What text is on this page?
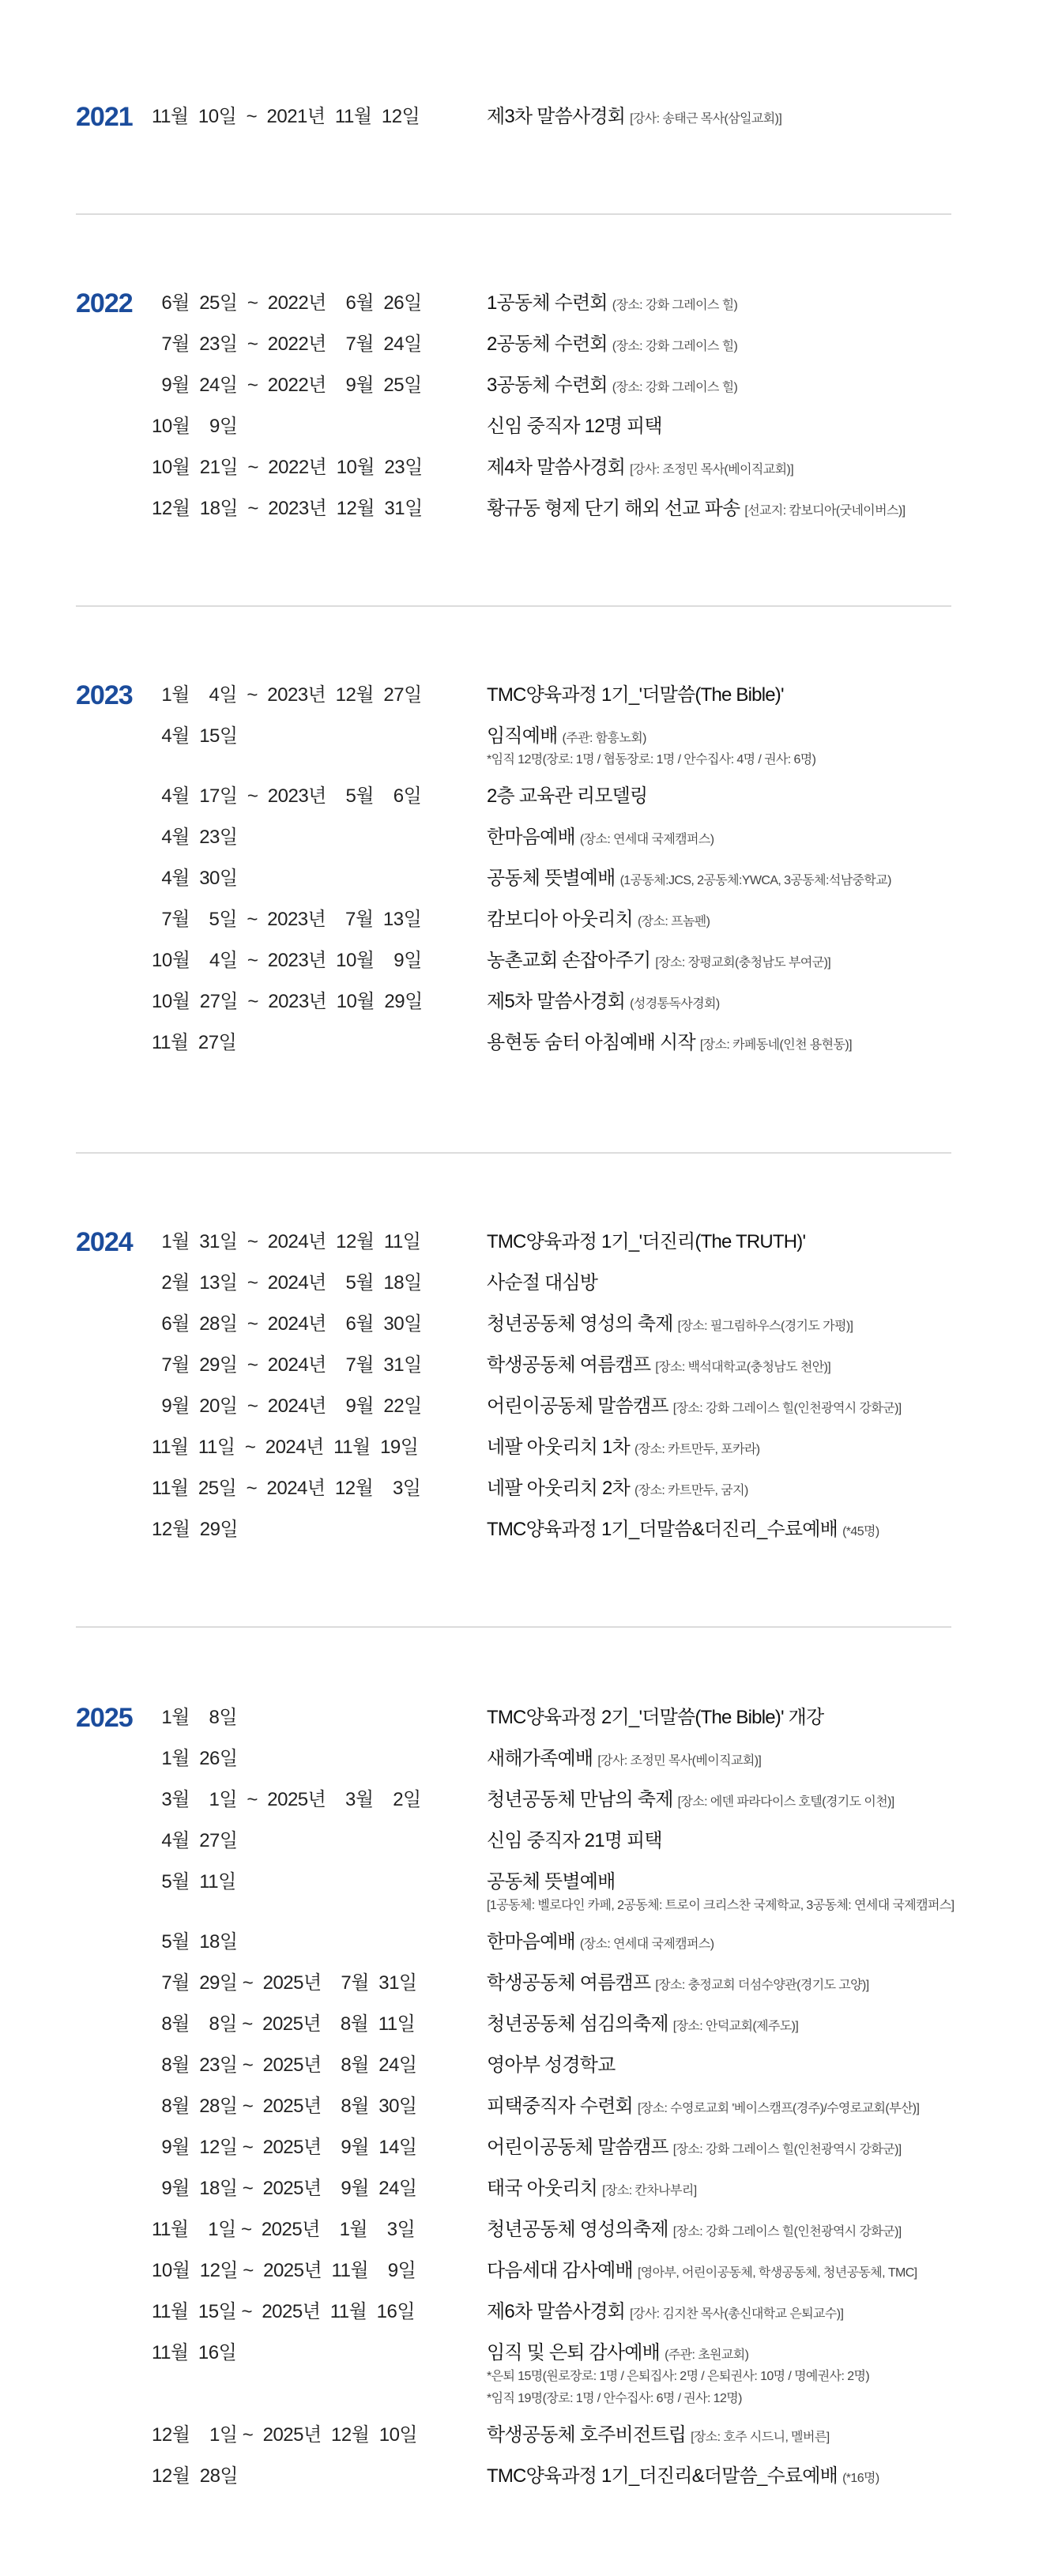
2021 11월  10일  ~  2021년  11월  12일	제3차 말씀사경회 [강사: 송태근 목사(삼일교회)]
2022 6월  25일  ~  2022년    6월  26일	1공동체 수련회 (장소: 강화 그레이스 힐)
7월  23일  ~  2022년    7월  24일	2공동체 수련회 (장소: 강화 그레이스 힐)
9월  24일  ~  2022년    9월  25일	3공동체 수련회 (장소: 강화 그레이스 힐)
10월    9일	신임 중직자 12명 피택
10월  21일  ~  2022년  10월  23일	제4차 말씀사경회 [강사: 조정민 목사(베이직교회)]
12월  18일  ~  2023년  12월  31일	황규동 형제 단기 해외 선교 파송 [선교지: 캄보디아(굿네이버스)]
2023 1월    4일  ~  2023년  12월  27일	TMC양육과정 1기_'더말씀(The Bible)'
4월  15일	임직예배 (주관: 함흥노회)
*임직 12명(장로: 1명 / 협동장로: 1명 / 안수집사: 4명 / 권사: 6명)
4월  17일  ~  2023년    5월    6일	2층 교육관 리모델링
4월  23일	한마음예배 (장소: 연세대 국제캠퍼스)
4월  30일	공동체 뜻별예배 (1공동체:JCS, 2공동체:YWCA, 3공동체:석남중학교)
7월    5일  ~  2023년    7월  13일	캄보디아 아웃리치 (장소: 프놈펜)
10월    4일  ~  2023년  10월    9일	농촌교회 손잡아주기 [장소: 장평교회(충청남도 부여군)]
10월  27일  ~  2023년  10월  29일	제5차 말씀사경회 (성경통독사경회)
11월  27일	용현동 숨터 아침예배 시작 [장소: 카페동네(인천 용현동)]
2024 1월  31일  ~  2024년  12월  11일	TMC양육과정 1기_'더진리(The TRUTH)'
2월  13일  ~  2024년    5월  18일	사순절 대심방
6월  28일  ~  2024년    6월  30일	청년공동체 영성의 축제 [장소: 필그림하우스(경기도 가평)]
7월  29일  ~  2024년    7월  31일	학생공동체 여름캠프 [장소: 백석대학교(충청남도 천안)]
9월  20일  ~  2024년    9월  22일	어린이공동체 말씀캠프 [장소: 강화 그레이스 힐(인천광역시 강화군)]
11월  11일  ~  2024년  11월  19일	네팔 아웃리치 1차 (장소: 카트만두, 포카라)
11월  25일  ~  2024년  12월    3일	네팔 아웃리치 2차 (장소: 카트만두, 굼지)
12월  29일	TMC양육과정 1기_더말씀&더진리_수료예배 (*45명)
2025 1월    8일	TMC양육과정 2기_'더말씀(The Bible)' 개강
1월  26일	새해가족예배 [강사: 조정민 목사(베이직교회)]
3월    1일  ~  2025년    3월    2일	청년공동체 만남의 축제 [장소: 에덴 파라다이스 호텔(경기도 이천)]
4월  27일	신임 중직자 21명 피택
5월  11일	공동체 뜻별예배
[1공동체: 벨로다인 카페, 2공동체: 트로이 크리스찬 국제학교, 3공동체: 연세대 국제캠퍼스]
5월  18일	한마음예배 (장소: 연세대 국제캠퍼스)
7월  29일 ~  2025년    7월  31일	학생공동체 여름캠프 [장소: 충정교회 더섬수양관(경기도 고양)]
8월    8일 ~  2025년    8월  11일	청년공동체 섬김의축제 [장소: 안덕교회(제주도)]
8월  23일 ~  2025년    8월  24일	영아부 성경학교
8월  28일 ~  2025년    8월  30일	피택중직자 수련회 [장소: 수영로교회 '베이스캠프(경주)/수영로교회(부산)]
9월  12일 ~  2025년    9월  14일	어린이공동체 말씀캠프 [장소: 강화 그레이스 힐(인천광역시 강화군)]
9월  18일 ~  2025년    9월  24일	태국 아웃리치 [장소: 칸차나부리]
11월    1일 ~  2025년    1월    3일	청년공동체 영성의축제 [장소: 강화 그레이스 힐(인천광역시 강화군)]
10월  12일 ~  2025년  11월    9일	다음세대 감사예배 [영아부, 어린이공동체, 학생공동체, 청년공동체, TMC]
11월  15일 ~  2025년  11월  16일	제6차 말씀사경회 [강사: 김지찬 목사(총신대학교 은퇴교수)]
11월  16일	임직 및 은퇴 감사예배 (주관: 초원교회)
*은퇴 15명(원로장로: 1명 / 은퇴집사: 2명 / 은퇴권사: 10명 / 명예권사: 2명)
*임직 19명(장로: 1명 / 안수집사: 6명 / 권사: 12명)
12월    1일 ~  2025년  12월  10일	학생공동체 호주비전트립 [장소: 호주 시드니, 멜버른]
12월  28일	TMC양육과정 1기_더진리&더말씀_수료예배 (*16명)
